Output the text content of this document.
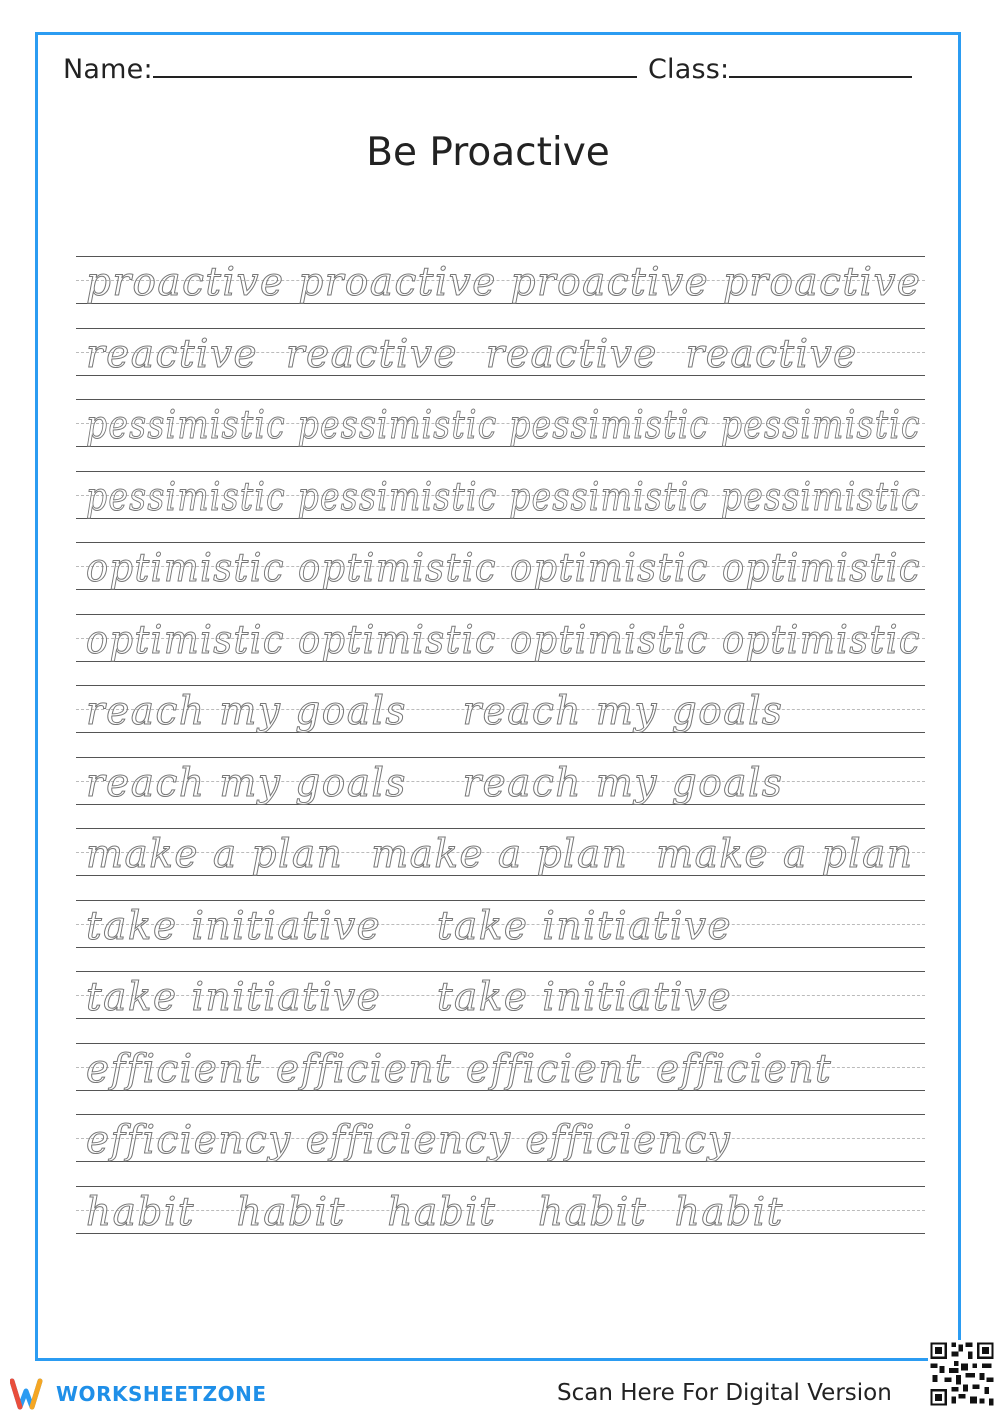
Name:	Class:
Be Proactive
proactive proactive proactive proactive
reactive  reactive  reactive  reactive
pessimistic pessimistic pessimistic pessimistic
pessimistic pessimistic pessimistic pessimistic
optimistic optimistic optimistic optimistic
optimistic optimistic optimistic optimistic
reach my goals    reach my goals
reach my goals    reach my goals
make a plan  make a plan  make a plan
take initiative    take initiative
take initiative    take initiative
efficient efficient efficient efficient
efficiency efficiency efficiency
habit   habit   habit   habit  habit
WORKSHEETZONE	Scan Here For Digital Version
